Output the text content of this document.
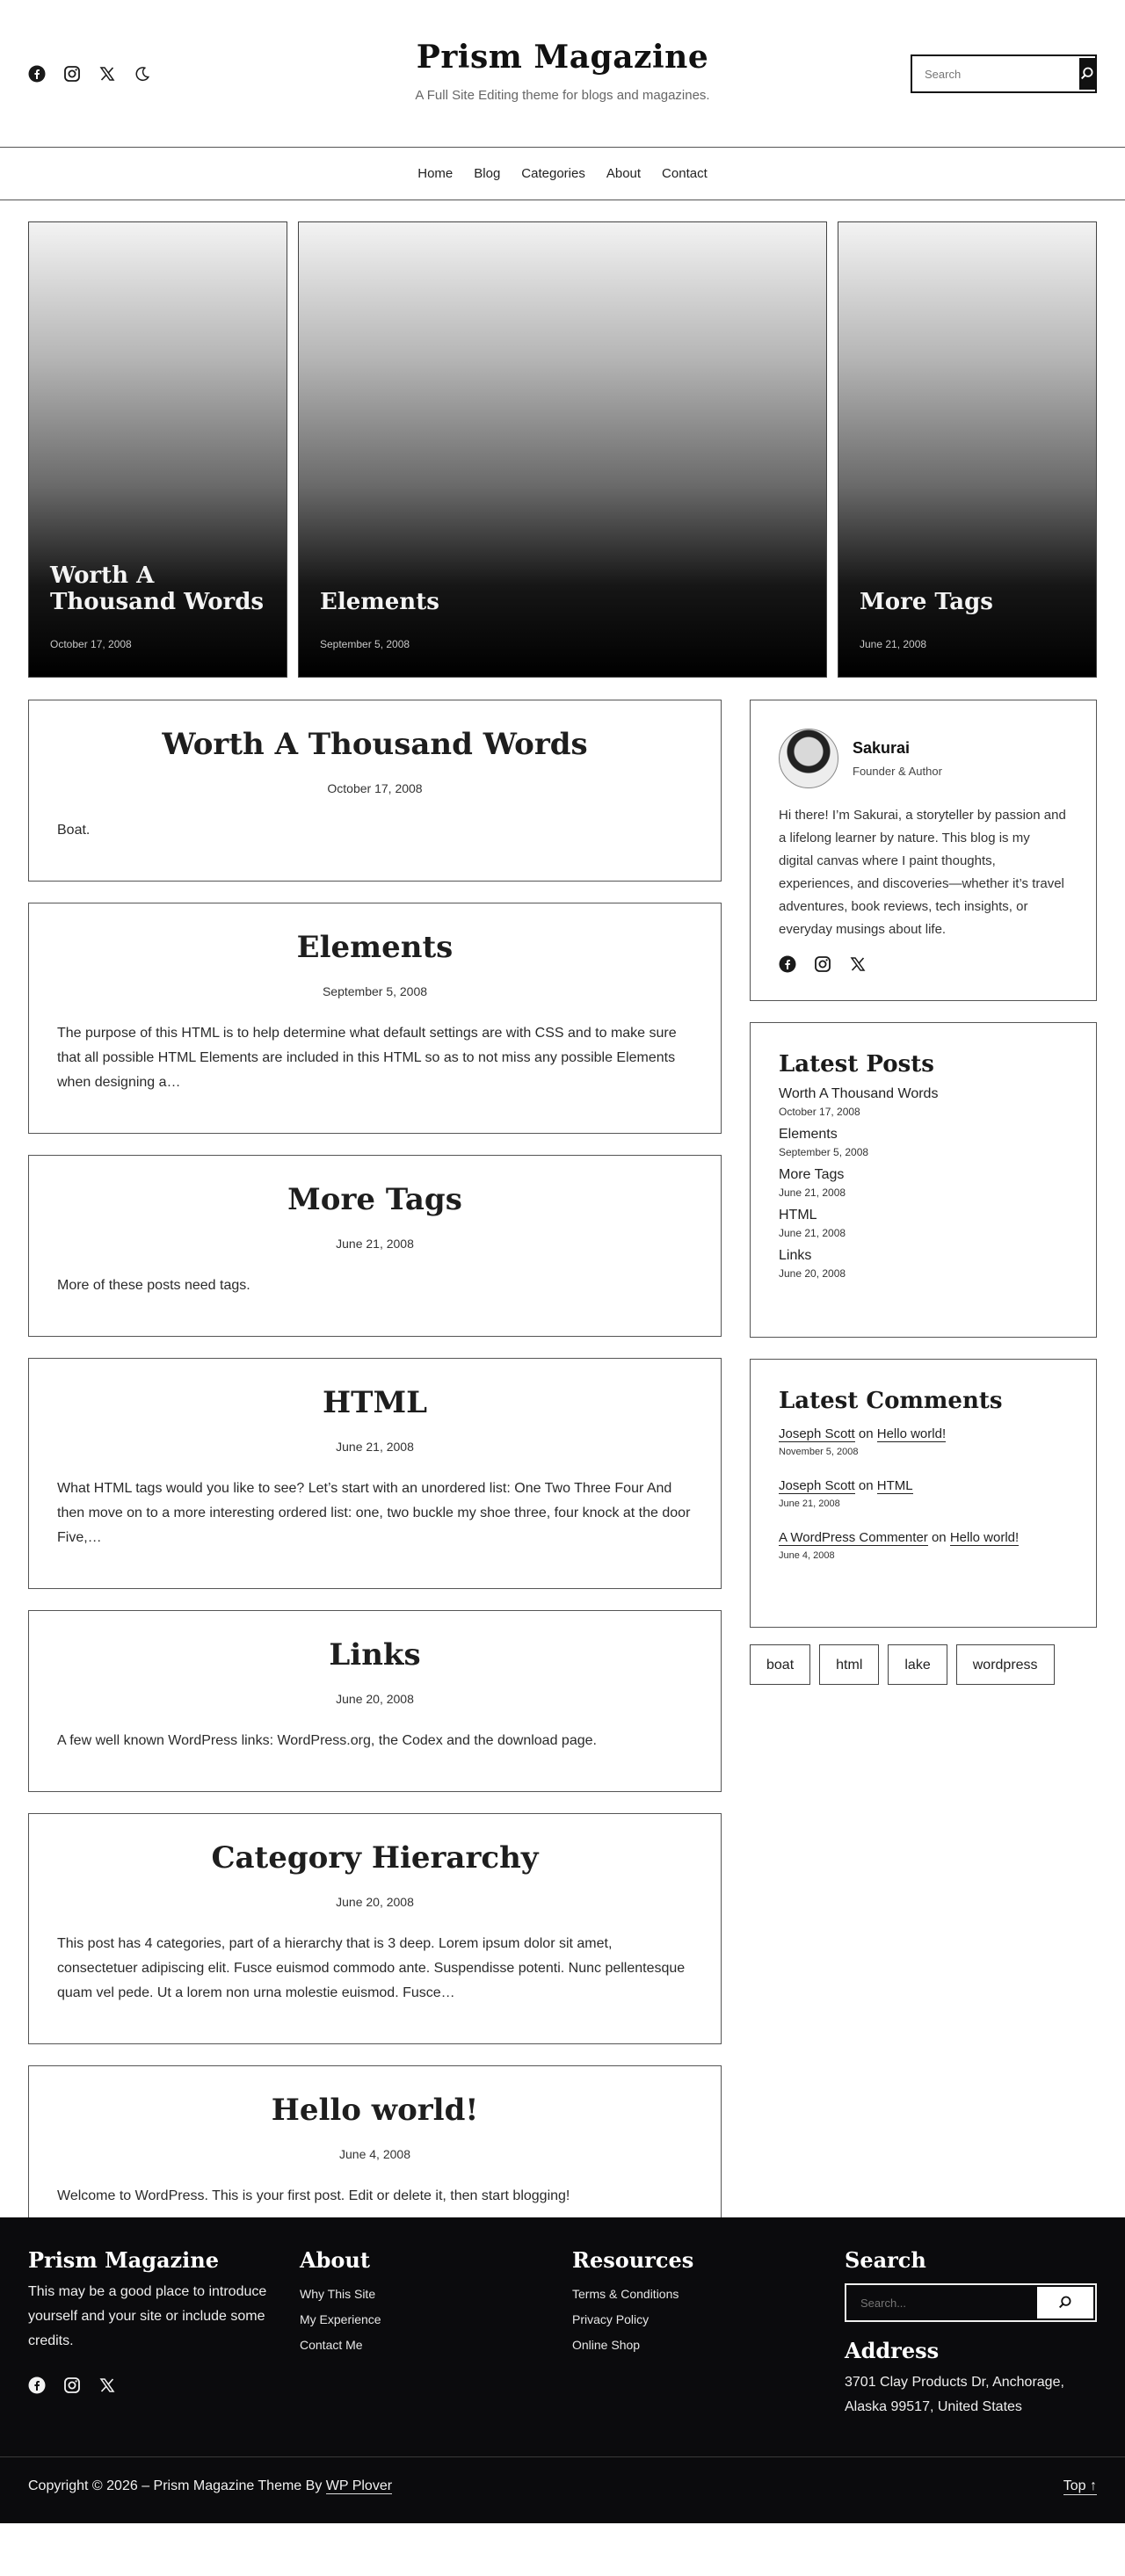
Prism Magazine

A Full Site Editing theme for blogs and magazines.

Search
Home Blog Categories About Contact
Worth A Thousand Words
October 17, 2008
Elements
September 5, 2008
More Tags
June 21, 2008
Worth A Thousand Words
October 17, 2008

Boat.

Elements
September 5, 2008

The purpose of this HTML is to help determine what default settings are with CSS and to make sure that all possible HTML Elements are included in this HTML so as to not miss any possible Elements when designing a…

More Tags
June 21, 2008

More of these posts need tags.

HTML
June 21, 2008

What HTML tags would you like to see? Let’s start with an unordered list: One Two Three Four And then move on to a more interesting ordered list: one, two buckle my shoe three, four knock at the door Five,…

Links
June 20, 2008

A few well known WordPress links: WordPress.org, the Codex and the download page.

Category Hierarchy
June 20, 2008

This post has 4 categories, part of a hierarchy that is 3 deep. Lorem ipsum dolor sit amet, consectetuer adipiscing elit. Fusce euismod commodo ante. Suspendisse potenti. Nunc pellentesque quam vel pede. Ut a lorem non urna molestie euismod. Fusce…

Hello world!
June 4, 2008

Welcome to WordPress. This is your first post. Edit or delete it, then start blogging!

Sakurai
Founder & Author

Hi there! I’m Sakurai, a storyteller by passion and a lifelong learner by nature. This blog is my digital canvas where I paint thoughts, experiences, and discoveries—whether it’s travel adventures, book reviews, tech insights, or everyday musings about life.

Latest Posts
Worth A Thousand Words
October 17, 2008
Elements
September 5, 2008
More Tags
June 21, 2008
HTML
June 21, 2008
Links
June 20, 2008
Latest Comments
Joseph Scott on Hello world!
November 5, 2008
Joseph Scott on HTML
June 21, 2008
A WordPress Commenter on Hello world!
June 4, 2008
boat	html	lake	wordpress
Prism Magazine

This may be a good place to introduce yourself and your site or include some credits.

About
Why This Site
My Experience
Contact Me
Resources
Terms & Conditions
Privacy Policy
Online Shop
Search
Search...
Address

3701 Clay Products Dr, Anchorage, Alaska 99517, United States

Copyright © 2026 – Prism Magazine Theme By WP Plover	Top ↑
